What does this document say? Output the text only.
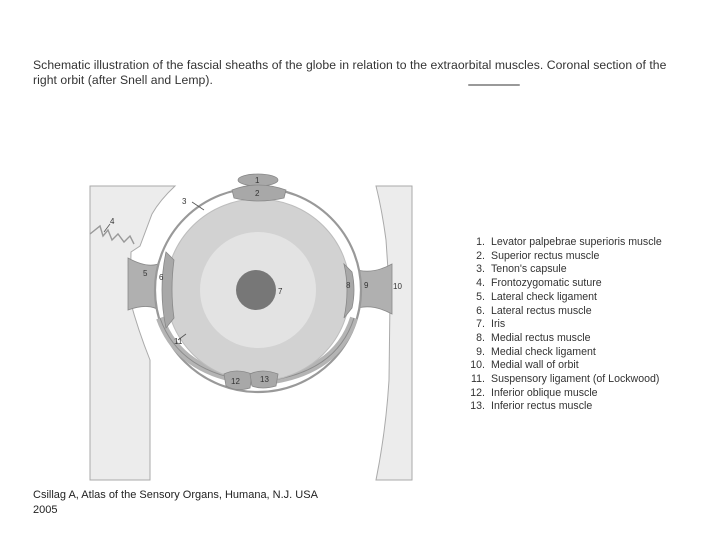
Schematic illustration of the fascial sheaths of the globe in relation to the extraorbital muscles. Coronal section of the right orbit (after Snell and Lemp).
1
2
3
4
5 6
7
8 9	10
11
12	13
1. Levator palpebrae superioris muscle
2. Superior rectus muscle
3. Tenon's capsule
4. Frontozygomatic suture
5. Lateral check ligament
6. Lateral rectus muscle
7. Iris
8. Medial rectus muscle
9. Medial check ligament
10. Medial wall of orbit
11. Suspensory ligament (of Lockwood)
12. Inferior oblique muscle
13. Inferior rectus muscle
Csillag A, Atlas of the Sensory Organs, Humana, N.J. USA
2005
